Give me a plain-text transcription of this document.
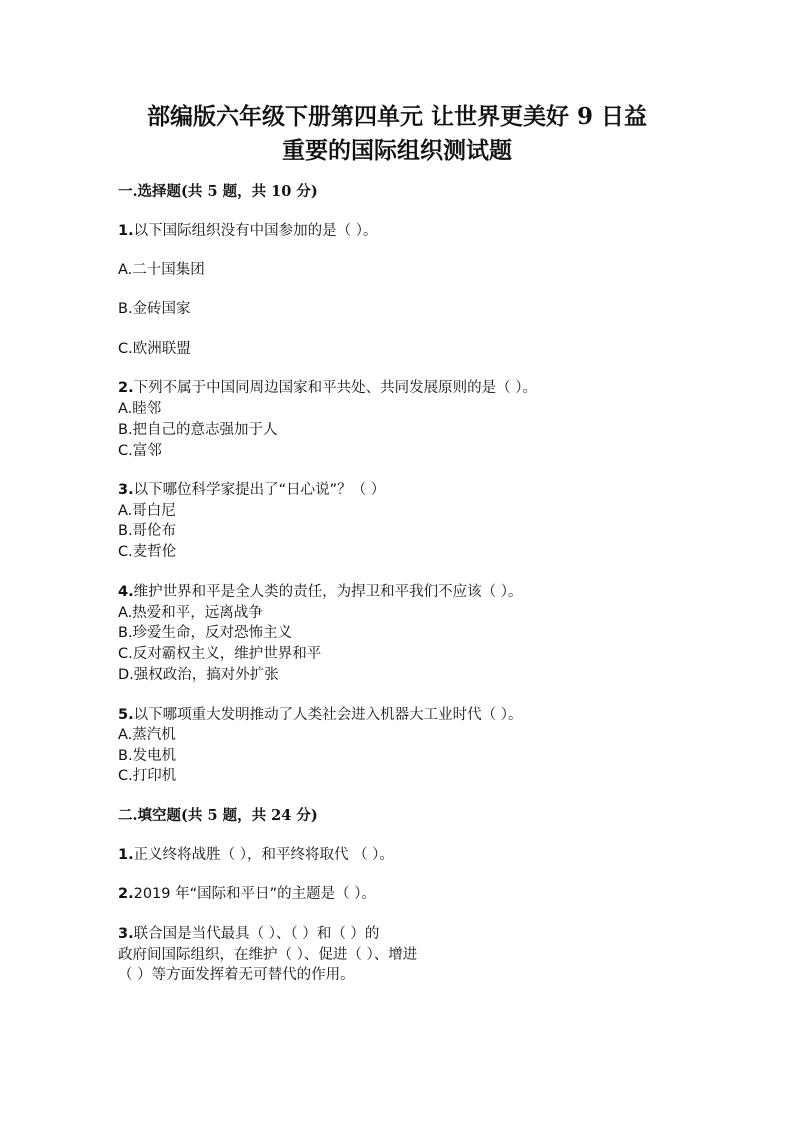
部编版六年级下册第四单元 让世界更美好 9 日益
重要的国际组织测试题
一.选择题(共 5 题，共 10 分)
1.以下国际组织没有中国参加的是（ ）。
A.二十国集团
B.金砖国家
C.欧洲联盟
2.下列不属于中国同周边国家和平共处、共同发展原则的是（ ）。
A.睦邻
B.把自己的意志强加于人
C.富邻
3.以下哪位科学家提出了“日心说”？（ ）
A.哥白尼
B.哥伦布
C.麦哲伦
4.维护世界和平是全人类的责任，为捍卫和平我们不应该（ ）。
A.热爱和平，远离战争
B.珍爱生命，反对恐怖主义
C.反对霸权主义，维护世界和平
D.强权政治，搞对外扩张
5.以下哪项重大发明推动了人类社会进入机器大工业时代（ ）。
A.蒸汽机
B.发电机
C.打印机
二.填空题(共 5 题，共 24 分)
1.正义终将战胜（ ），和平终将取代 （ ）。
2.2019 年“国际和平日”的主题是（ ）。
3.联合国是当代最具（ ）、（ ）和（ ）的
政府间国际组织，在维护（ ）、促进（ ）、增进
（ ）等方面发挥着无可替代的作用。
